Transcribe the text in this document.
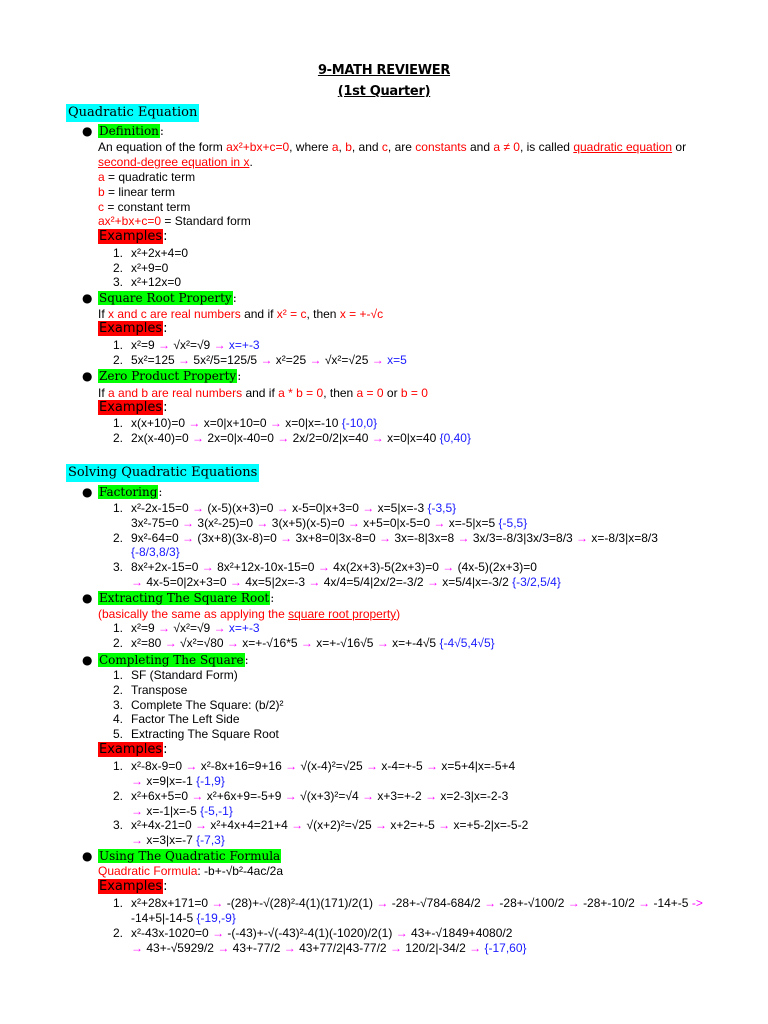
9-MATH REVIEWER
(1st Quarter)
Quadratic Equation
● Definition:
An equation of the form ax²+bx+c=0, where a, b, and c, are constants and a ≠ 0, is called quadratic equation or
second-degree equation in x.
a = quadratic term
b = linear term
c = constant term
ax²+bx+c=0 = Standard form
Examples:
1. x²+2x+4=0
2. x²+9=0
3. x²+12x=0
● Square Root Property:
If x and c are real numbers and if x² = c, then x = +-√c
Examples:
1. x²=9 → √x²=√9 → x=+-3
2. 5x²=125 → 5x²/5=125/5 → x²=25 → √x²=√25 → x=5
● Zero Product Property:
If a and b are real numbers and if a * b = 0, then a = 0 or b = 0
Examples:
1. x(x+10)=0 → x=0|x+10=0 → x=0|x=-10 {-10,0}
2. 2x(x-40)=0 → 2x=0|x-40=0 → 2x/2=0/2|x=40 → x=0|x=40 {0,40}
Solving Quadratic Equations
● Factoring:
1. x²-2x-15=0 → (x-5)(x+3)=0 → x-5=0|x+3=0 → x=5|x=-3 {-3,5}
3x²-75=0 → 3(x²-25)=0 → 3(x+5)(x-5)=0 → x+5=0|x-5=0 → x=-5|x=5 {-5,5}
2. 9x²-64=0 → (3x+8)(3x-8)=0 → 3x+8=0|3x-8=0 → 3x=-8|3x=8 → 3x/3=-8/3|3x/3=8/3 → x=-8/3|x=8/3
{-8/3,8/3}
3. 8x²+2x-15=0 → 8x²+12x-10x-15=0 → 4x(2x+3)-5(2x+3)=0 → (4x-5)(2x+3)=0
→ 4x-5=0|2x+3=0 → 4x=5|2x=-3 → 4x/4=5/4|2x/2=-3/2 → x=5/4|x=-3/2 {-3/2,5/4}
● Extracting The Square Root:
(basically the same as applying the square root property)
1. x²=9 → √x²=√9 → x=+-3
2. x²=80 → √x²=√80 → x=+-√16*5 → x=+-√16√5 → x=+-4√5 {-4√5,4√5}
● Completing The Square:
1. SF (Standard Form)
2. Transpose
3. Complete The Square: (b/2)²
4. Factor The Left Side
5. Extracting The Square Root
Examples:
1. x²-8x-9=0 → x²-8x+16=9+16 → √(x-4)²=√25 → x-4=+-5 → x=5+4|x=-5+4
→ x=9|x=-1 {-1,9}
2. x²+6x+5=0 → x²+6x+9=-5+9 → √(x+3)²=√4 → x+3=+-2 → x=2-3|x=-2-3
→ x=-1|x=-5 {-5,-1}
3. x²+4x-21=0 → x²+4x+4=21+4 → √(x+2)²=√25 → x+2=+-5 → x=+5-2|x=-5-2
→ x=3|x=-7 {-7,3}
● Using The Quadratic Formula
Quadratic Formula: -b+-√b²-4ac/2a
Examples:
1. x²+28x+171=0 → -(28)+-√(28)²-4(1)(171)/2(1) → -28+-√784-684/2 → -28+-√100/2 → -28+-10/2 → -14+-5 ->
-14+5|-14-5 {-19,-9}
2. x²-43x-1020=0 → -(-43)+-√(-43)²-4(1)(-1020)/2(1) → 43+-√1849+4080/2
→ 43+-√5929/2 → 43+-77/2 → 43+77/2|43-77/2 → 120/2|-34/2 → {-17,60}
